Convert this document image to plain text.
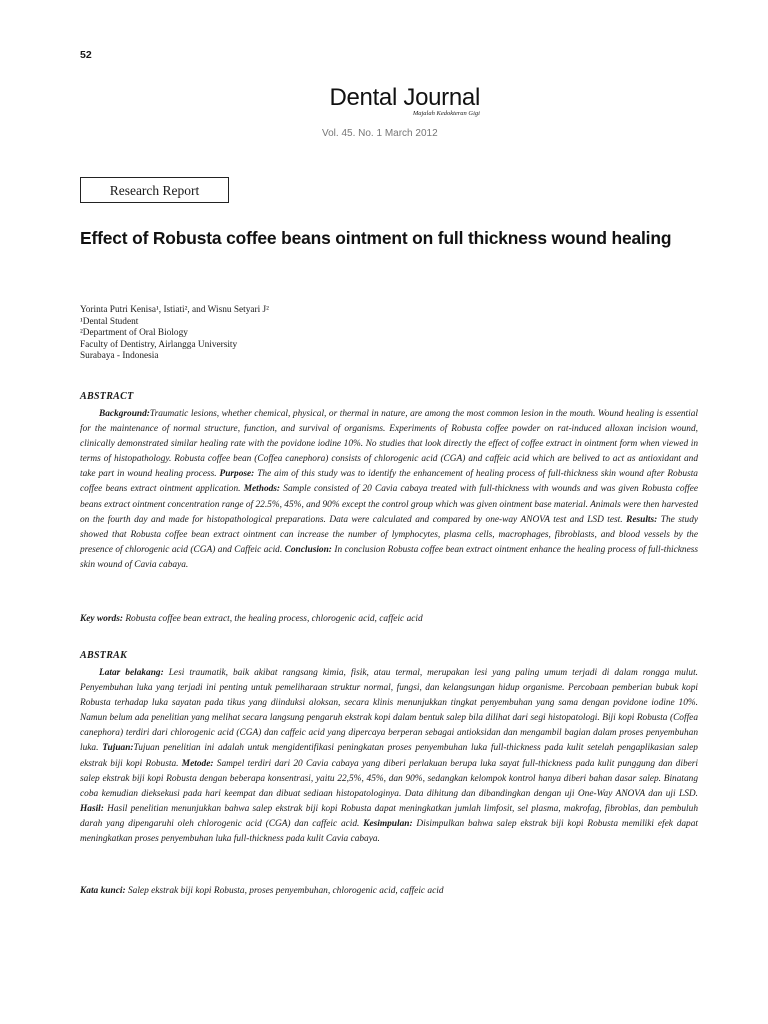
52
Dental Journal
Majalah Kedokteran Gigi
Vol. 45. No. 1 March 2012
Research Report
Effect of Robusta coffee beans ointment on full thickness wound healing
Yorinta Putri Kenisa¹, Istiati², and Wisnu Setyari J²
¹Dental Student
²Department of Oral Biology
Faculty of Dentistry, Airlangga University
Surabaya - Indonesia
ABSTRACT

Background:Traumatic lesions, whether chemical, physical, or thermal in nature, are among the most common lesion in the mouth. Wound healing is essential for the maintenance of normal structure, function, and survival of organisms. Experiments of Robusta coffee powder on rat-induced alloxan incision wound, clinically demonstrated similar healing rate with the povidone iodine 10%. No studies that look directly the effect of coffee extract in ointment form when viewed in terms of histopathology. Robusta coffee bean (Coffea canephora) consists of chlorogenic acid (CGA) and caffeic acid which are belived to act as antioxidant and take part in wound healing process. Purpose: The aim of this study was to identify the enhancement of healing process of full-thickness skin wound after Robusta coffee beans extract ointment application. Methods: Sample consisted of 20 Cavia cabaya treated with full-thickness with wounds and was given Robusta coffee beans extract ointment concentration range of 22.5%, 45%, and 90% except the control group which was given ointment base material. Animals were then harvested on the fourth day and made for histopathological preparations. Data were calculated and compared by one-way ANOVA test and LSD test. Results: The study showed that Robusta coffee bean extract ointment can increase the number of lymphocytes, plasma cells, macrophages, fibroblasts, and blood vessels by the presence of chlorogenic acid (CGA) and Caffeic acid. Conclusion: In conclusion Robusta coffee bean extract ointment enhance the healing process of full-thickness skin wound of Cavia cabaya.

Key words: Robusta coffee bean extract, the healing process, chlorogenic acid, caffeic acid
ABSTRAK

Latar belakang: Lesi traumatik, baik akibat rangsang kimia, fisik, atau termal, merupakan lesi yang paling umum terjadi di dalam rongga mulut. Penyembuhan luka yang terjadi ini penting untuk pemeliharaan struktur normal, fungsi, dan kelangsungan hidup organisme. Percobaan pemberian bubuk kopi Robusta terhadap luka sayatan pada tikus yang diinduksi aloksan, secara klinis menunjukkan tingkat penyembuhan yang sama dengan povidone iodine 10%. Namun belum ada penelitian yang melihat secara langsung pengaruh ekstrak kopi dalam bentuk salep bila dilihat dari segi histopatologi. Biji kopi Robusta (Coffea canephora) terdiri dari chlorogenic acid (CGA) dan caffeic acid yang dipercaya berperan sebagai antioksidan dan mengambil bagian dalam proses penyembuhan luka. Tujuan:Tujuan penelitian ini adalah untuk mengidentifikasi peningkatan proses penyembuhan luka full-thickness pada kulit setelah pengaplikasian salep ekstrak biji kopi Robusta. Metode: Sampel terdiri dari 20 Cavia cabaya yang diberi perlakuan berupa luka sayat full-thickness pada kulit punggung dan diberi salep ekstrak biji kopi Robusta dengan beberapa konsentrasi, yaitu 22,5%, 45%, dan 90%, sedangkan kelompok kontrol hanya diberi bahan dasar salep. Binatang coba kemudian dieksekusi pada hari keempat dan dibuat sediaan histopatologinya. Data dihitung dan dibandingkan dengan uji One-Way ANOVA dan uji LSD. Hasil: Hasil penelitian menunjukkan bahwa salep ekstrak biji kopi Robusta dapat meningkatkan jumlah limfosit, sel plasma, makrofag, fibroblas, dan pembuluh darah yang dipengaruhi oleh chlorogenic acid (CGA) dan caffeic acid. Kesimpulan: Disimpulkan bahwa salep ekstrak biji kopi Robusta memiliki efek dapat meningkatkan proses penyembuhan luka full-thickness pada kulit Cavia cabaya.

Kata kunci: Salep ekstrak biji kopi Robusta, proses penyembuhan, chlorogenic acid, caffeic acid
